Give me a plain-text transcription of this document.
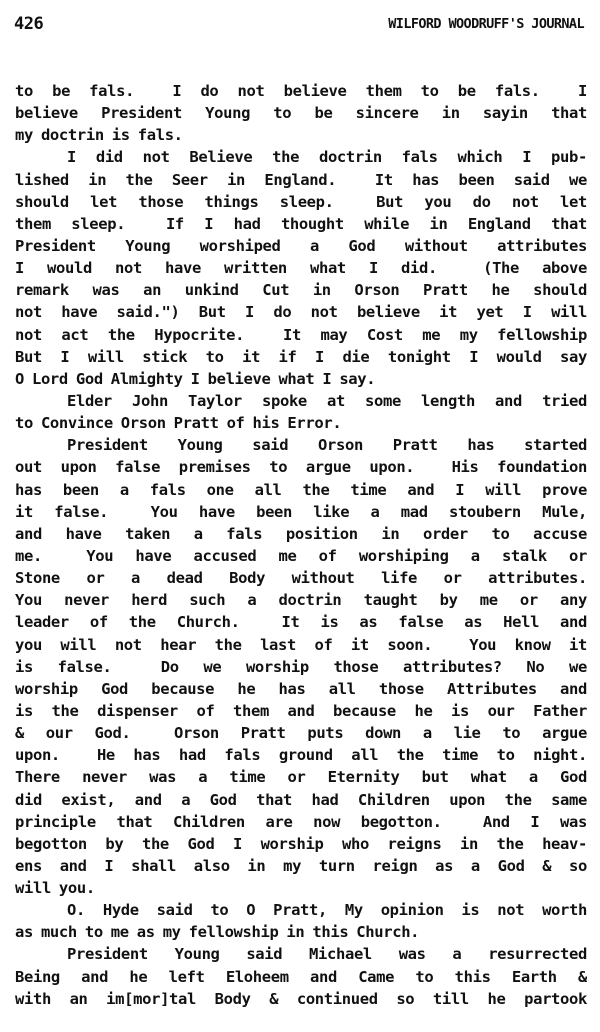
426	WILFORD WOODRUFF'S JOURNAL
to be fals.  I do not believe them to be fals.  I
believe President Young to be sincere in sayin that
my doctrin is fals.
I did not Believe the doctrin fals which I pub-
lished in the Seer in England.  It has been said we
should let those things sleep.  But you do not let
them sleep.  If I had thought while in England that
President Young worshiped a God without attributes
I would not have written what I did.  (The above
remark was an unkind Cut in Orson Pratt he should
not have said.") But I do not believe it yet I will
not act the Hypocrite.  It may Cost me my fellowship
But I will stick to it if I die tonight I would say
O Lord God Almighty I believe what I say.
Elder John Taylor spoke at some length and tried
to Convince Orson Pratt of his Error.
President Young said Orson Pratt has started
out upon false premises to argue upon.  His foundation
has been a fals one all the time and I will prove
it false.  You have been like a mad stoubern Mule,
and have taken a fals position in order to accuse
me.  You have accused me of worshiping a stalk or
Stone or a dead Body without life or attributes.
You never herd such a doctrin taught by me or any
leader of the Church.  It is as false as Hell and
you will not hear the last of it soon.  You know it
is false.  Do we worship those attributes? No we
worship God because he has all those Attributes and
is the dispenser of them and because he is our Father
& our God.  Orson Pratt puts down a lie to argue
upon.  He has had fals ground all the time to night.
There never was a time or Eternity but what a God
did exist, and a God that had Children upon the same
principle that Children are now begotton.  And I was
begotton by the God I worship who reigns in the heav-
ens and I shall also in my turn reign as a God & so
will you.
O. Hyde said to O Pratt, My opinion is not worth
as much to me as my fellowship in this Church.
President Young said Michael was a resurrected
Being and he left Eloheem and Came to this Earth &
with an im[mor]tal Body & continued so till he partook
